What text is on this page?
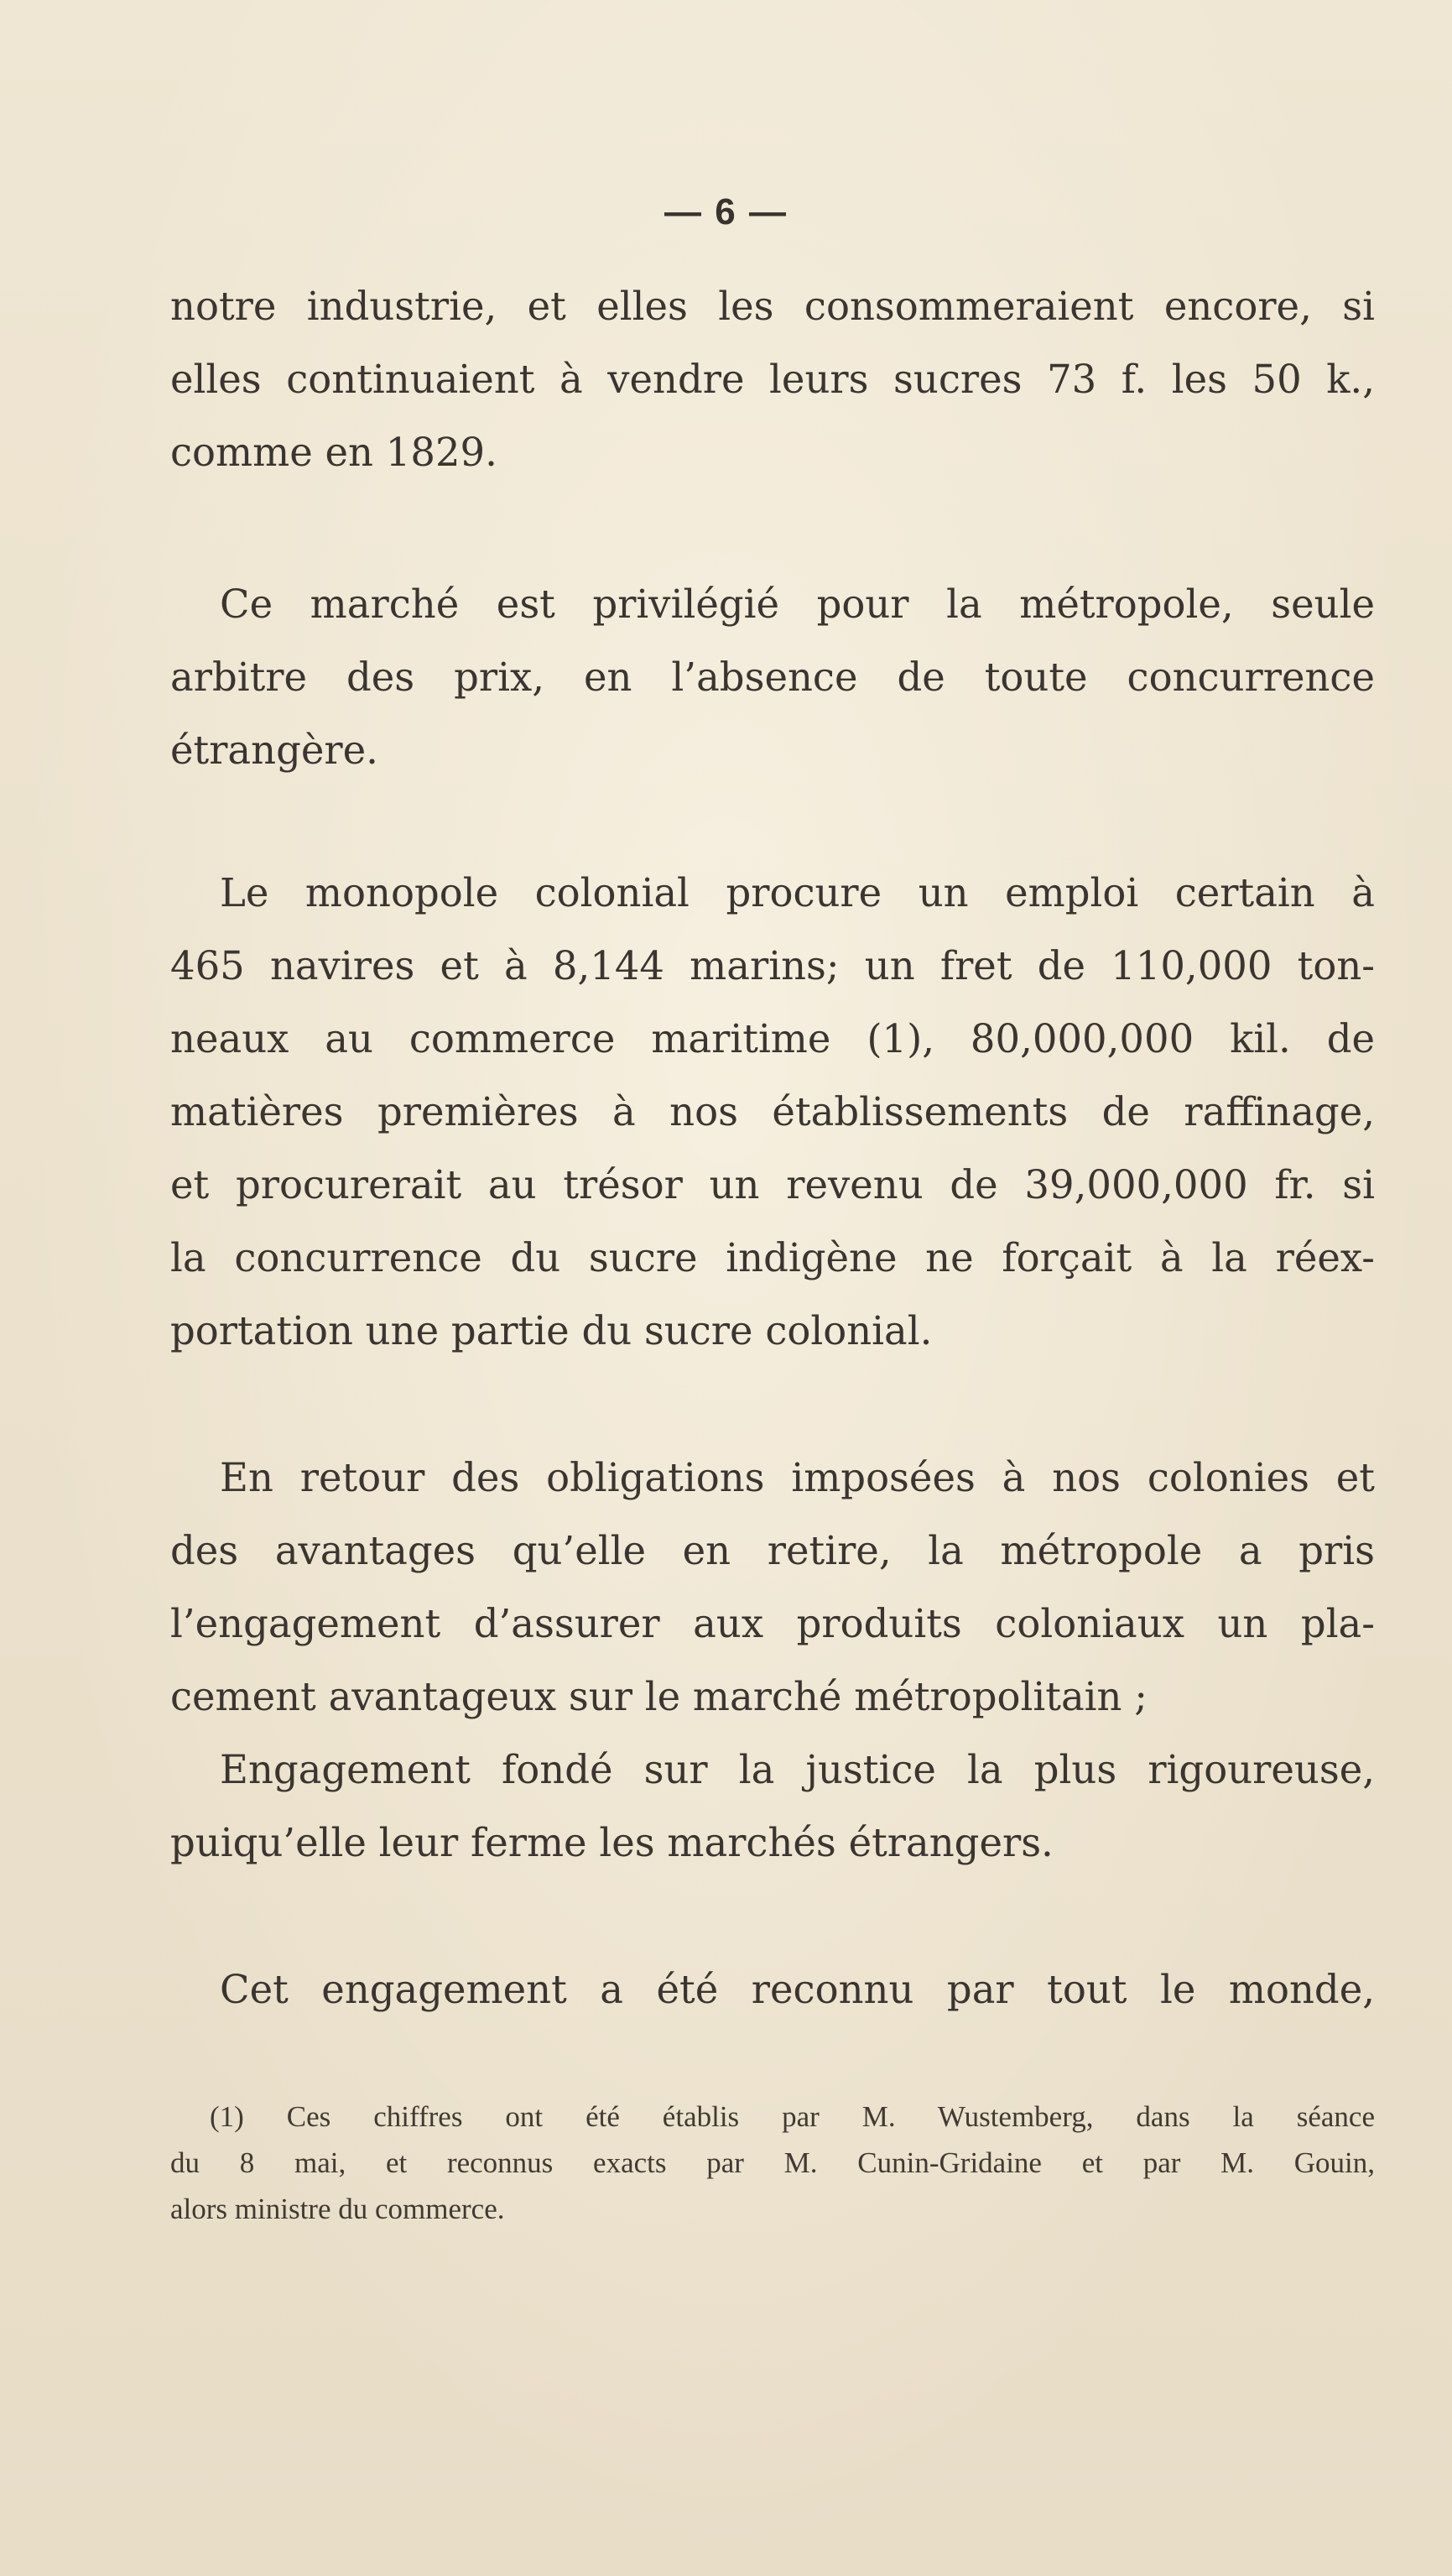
— 6 —
notre industrie, et elles les consommeraient encore, si
elles continuaient à vendre leurs sucres 73 f. les 50 k.,
comme en 1829.
Ce marché est privilégié pour la métropole, seule
arbitre des prix, en l’absence de toute concurrence
étrangère.
Le monopole colonial procure un emploi certain à
465 navires et à 8,144 marins; un fret de 110,000 ton-
neaux au commerce maritime (1), 80,000,000 kil. de
matières premières à nos établissements de raffinage,
et procurerait au trésor un revenu de 39,000,000 fr. si
la concurrence du sucre indigène ne forçait à la réex-
portation une partie du sucre colonial.
En retour des obligations imposées à nos colonies et
des avantages qu’elle en retire, la métropole a pris
l’engagement d’assurer aux produits coloniaux un pla-
cement avantageux sur le marché métropolitain ;
Engagement fondé sur la justice la plus rigoureuse,
puiqu’elle leur ferme les marchés étrangers.
Cet engagement a été reconnu par tout le monde,
(1) Ces chiffres ont été établis par M. Wustemberg, dans la séance
du 8 mai, et reconnus exacts par M. Cunin-Gridaine et par M. Gouin,
alors ministre du commerce.
